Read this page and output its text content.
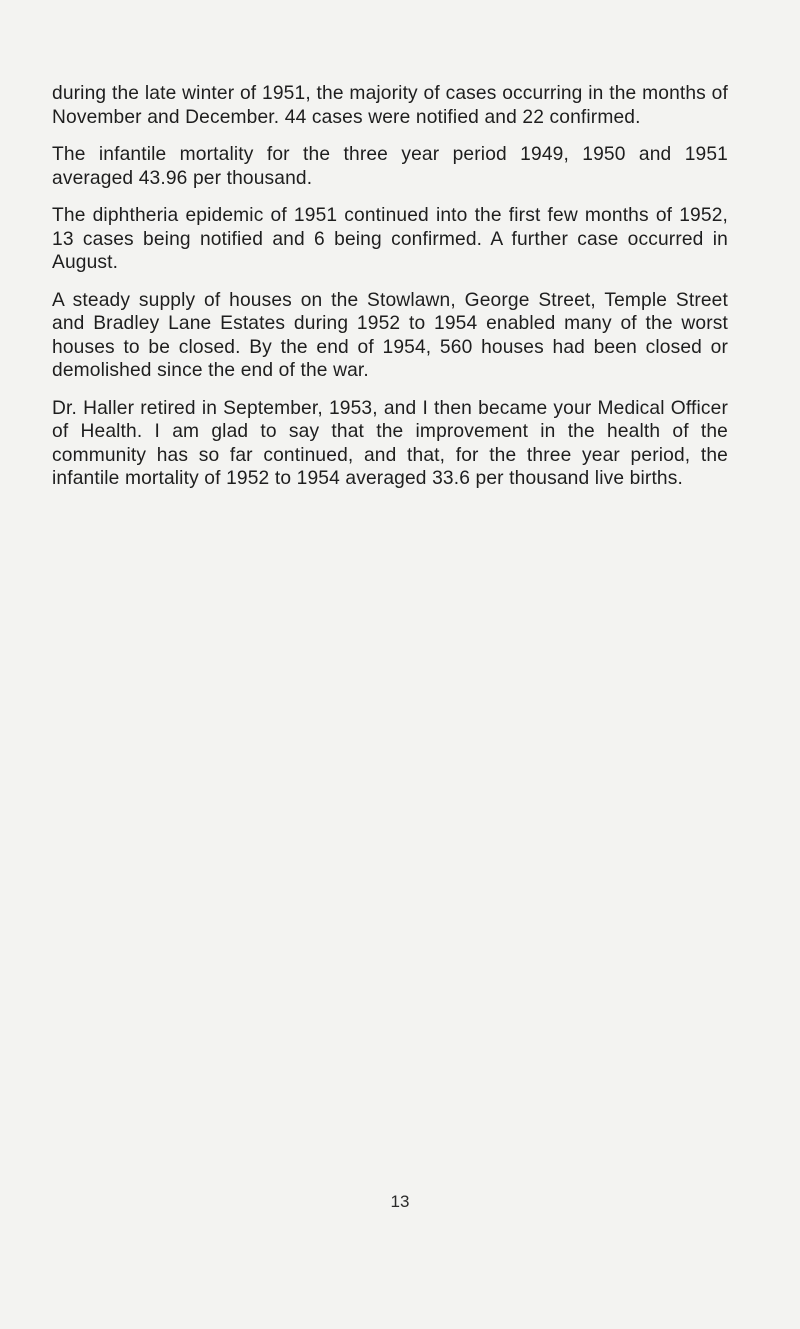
during the late winter of 1951, the majority of cases occurring in the months of November and December. 44 cases were notified and 22 confirmed.

The infantile mortality for the three year period 1949, 1950 and 1951 averaged 43.96 per thousand.

The diphtheria epidemic of 1951 continued into the first few months of 1952, 13 cases being notified and 6 being confirmed. A further case occurred in August.

A steady supply of houses on the Stowlawn, George Street, Temple Street and Bradley Lane Estates during 1952 to 1954 enabled many of the worst houses to be closed. By the end of 1954, 560 houses had been closed or demolished since the end of the war.

Dr. Haller retired in September, 1953, and I then became your Medical Officer of Health. I am glad to say that the improvement in the health of the community has so far continued, and that, for the three year period, the infantile mortality of 1952 to 1954 averaged 33.6 per thousand live births.

13
